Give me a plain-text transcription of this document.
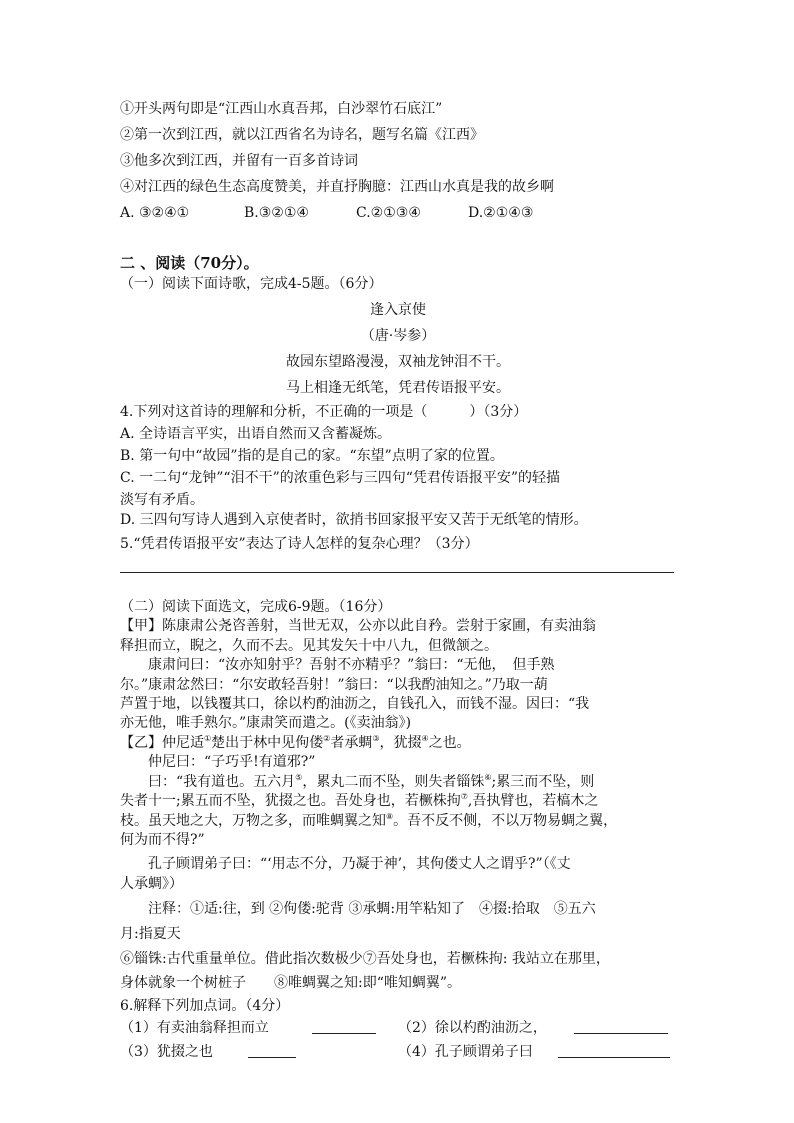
①开头两句即是“江西山水真吾邦，白沙翠竹石底江”
②第一次到江西，就以江西省名为诗名，题写名篇《江西》
③他多次到江西，并留有一百多首诗词
④对江西的绿色生态高度赞美，并直抒胸臆：江西山水真是我的故乡啊
A. ③②④①	B.③②①④	C.②①③④	D.②①④③
二 、阅读（70分）。
（一）阅读下面诗歌，完成4-5题。（6分）
逢入京使
（唐·岑参）
故园东望路漫漫，双袖龙钟泪不干。
马上相逢无纸笔，凭君传语报平安。
4.下列对这首诗的理解和分析，不正确的一项是（	）（3分）
A. 全诗语言平实，出语自然而又含蓄凝炼。
B. 第一句中“故园”指的是自己的家。“东望”点明了家的位置。
C. 一二句“龙钟”“泪不干”的浓重色彩与三四句“凭君传语报平安”的轻描
淡写有矛盾。
D. 三四句写诗人遇到入京使者时，欲捎书回家报平安又苦于无纸笔的情形。
5.“凭君传语报平安”表达了诗人怎样的复杂心理？（3分）
（二）阅读下面选文，完成6-9题。（16分）
【甲】陈康肃公尧咨善射，当世无双，公亦以此自矜。尝射于家圃，有卖油翁
释担而立，睨之，久而不去。见其发矢十中八九，但微颔之。
　　康肃问曰：“汝亦知射乎？吾射不亦精乎？”翁曰：“无他，　但手熟
尔。”康肃忿然曰：“尔安敢轻吾射！”翁曰：“以我酌油知之。”乃取一葫
芦置于地，以钱覆其口，徐以杓酌油沥之，自钱孔入，而钱不湿。因曰：“我
亦无他，唯手熟尔。”康肃笑而遣之。(《卖油翁》)
【乙】仲尼适①楚出于林中见佝偻②者承蜩③，犹掇④之也。
　　仲尼曰：“子巧乎!有道邪?”
　　曰：“我有道也。五六月⑤，累丸二而不坠，则失者锱铢⑥;累三而不坠，则
失者十一;累五而不坠，犹掇之也。吾处身也，若橛株拘⑦,吾执臂也，若槁木之
枝。虽天地之大，万物之多，而唯蜩翼之知⑧。吾不反不侧，不以万物易蜩之翼，
何为而不得?”
　　孔子顾谓弟子曰：“‘用志不分，乃凝于神’，其佝偻丈人之谓乎?”（《丈
人承蜩》）
　　注释：①适:往，到 ②佝偻:驼背 ③承蜩:用竿粘知了　④掇:拾取　⑤五六
月:指夏天
⑥锱铢:古代重量单位。借此指次数极少⑦吾处身也，若橛株拘: 我站立在那里，
身体就象一个树桩子　　⑧唯蜩翼之知:即“唯知蜩翼”。
6.解释下列加点词。（4分）
（1）有卖油翁释担而立	（2）徐以杓酌油沥之，
（3）犹掇之也	（4）孔子顾谓弟子曰
